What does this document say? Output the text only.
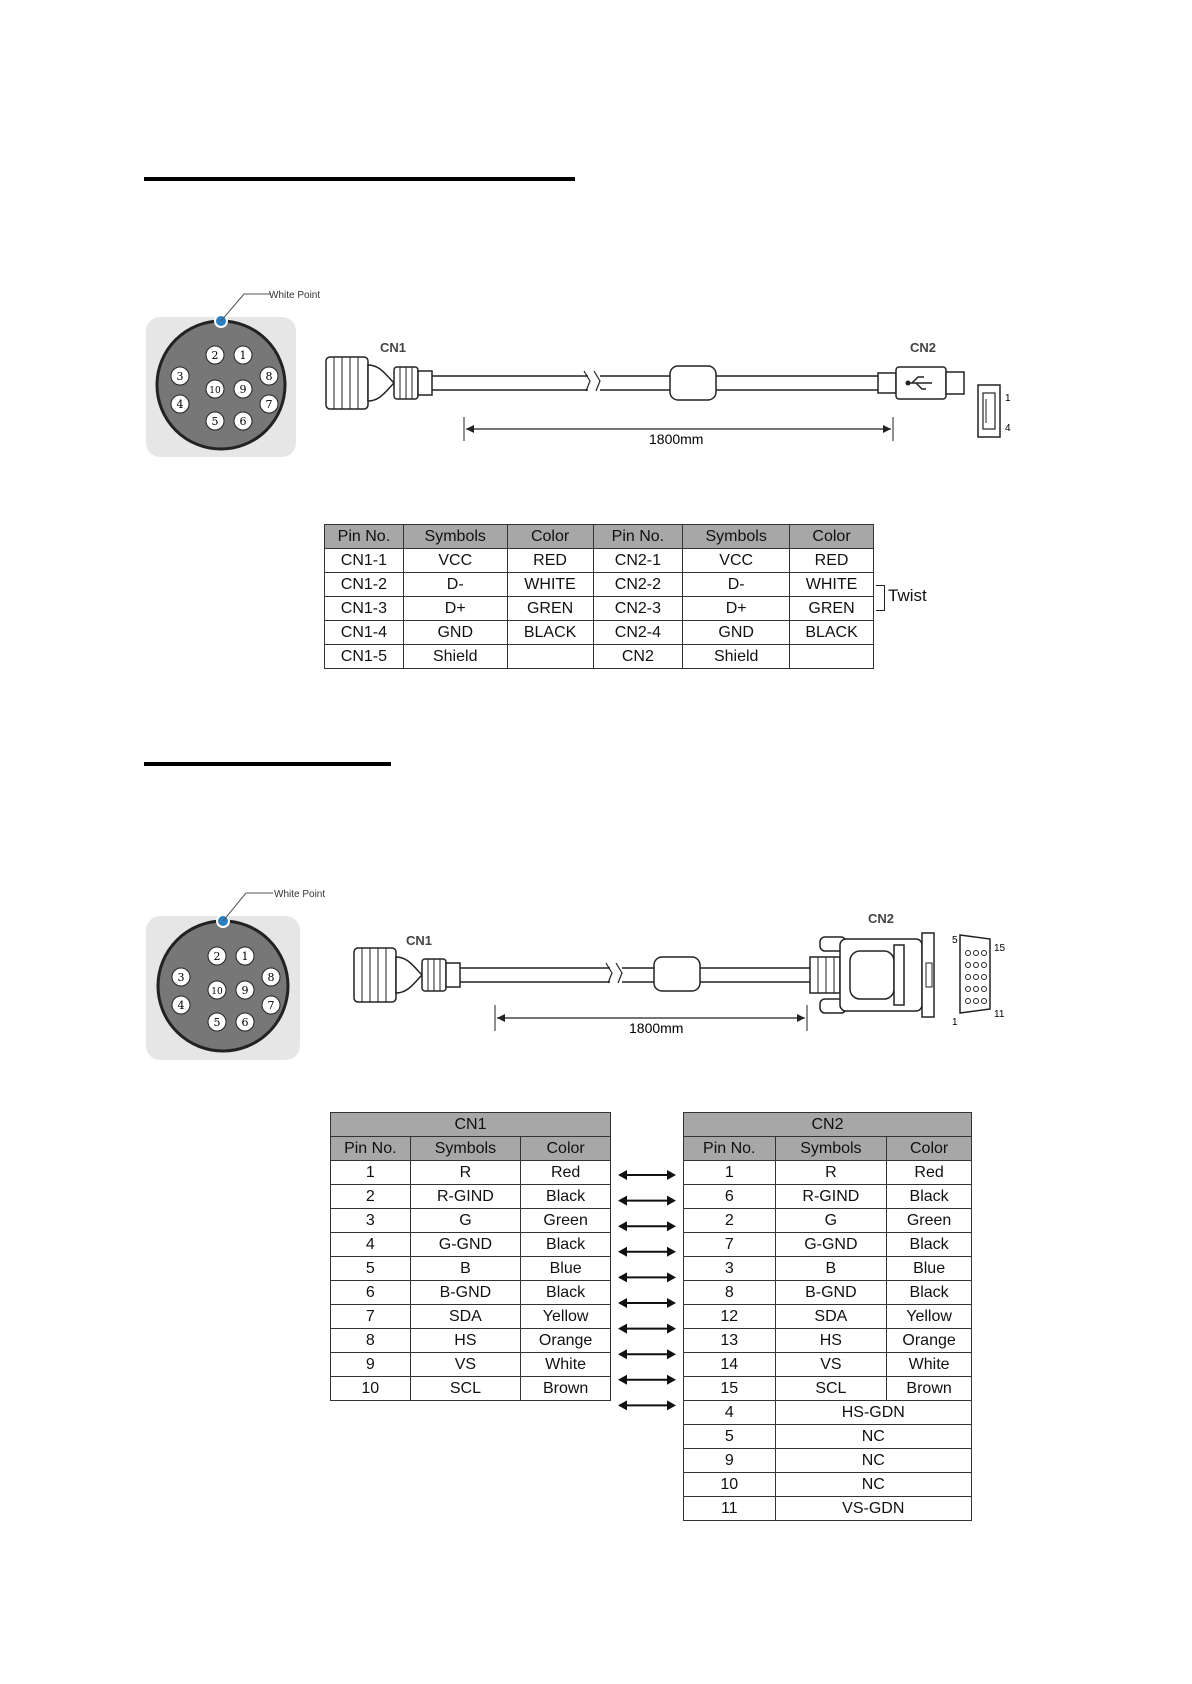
White Point
1
2
3
4
5 6
7
8
9
10
1
4
CN1	CN2
1800mm
Pin No.	Symbols	Color	Pin No.	Symbols	Color
CN1-1	VCC	RED	CN2-1	VCC	RED
CN1-2	D-	WHITE	CN2-2	D-	WHITE
CN1-3	D+	GREN	CN2-3	D+	GREN
CN1-4	GND	BLACK	CN2-4	GND	BLACK
CN1-5	Shield		CN2	Shield	
Twist
White Point
1
2
3
4
5 6
7
8
9
10
5
15
1
11
CN1
CN2
1800mm
CN1		
Pin No.	Symbols	Color
1	R	Red
2	R-GIND	Black
3	G	Green
4	G-GND	Black
5	B	Blue
6	B-GND	Black
7	SDA	Yellow
8	HS	Orange
9	VS	White
10	SCL	Brown
CN2		
Pin No.	Symbols	Color
1	R	Red
6	R-GIND	Black
2	G	Green
7	G-GND	Black
3	B	Blue
8	B-GND	Black
12	SDA	Yellow
13	HS	Orange
14	VS	White
15	SCL	Brown
4	HS-GDN	
5	NC	
9	NC	
10	NC	
11	VS-GDN	
